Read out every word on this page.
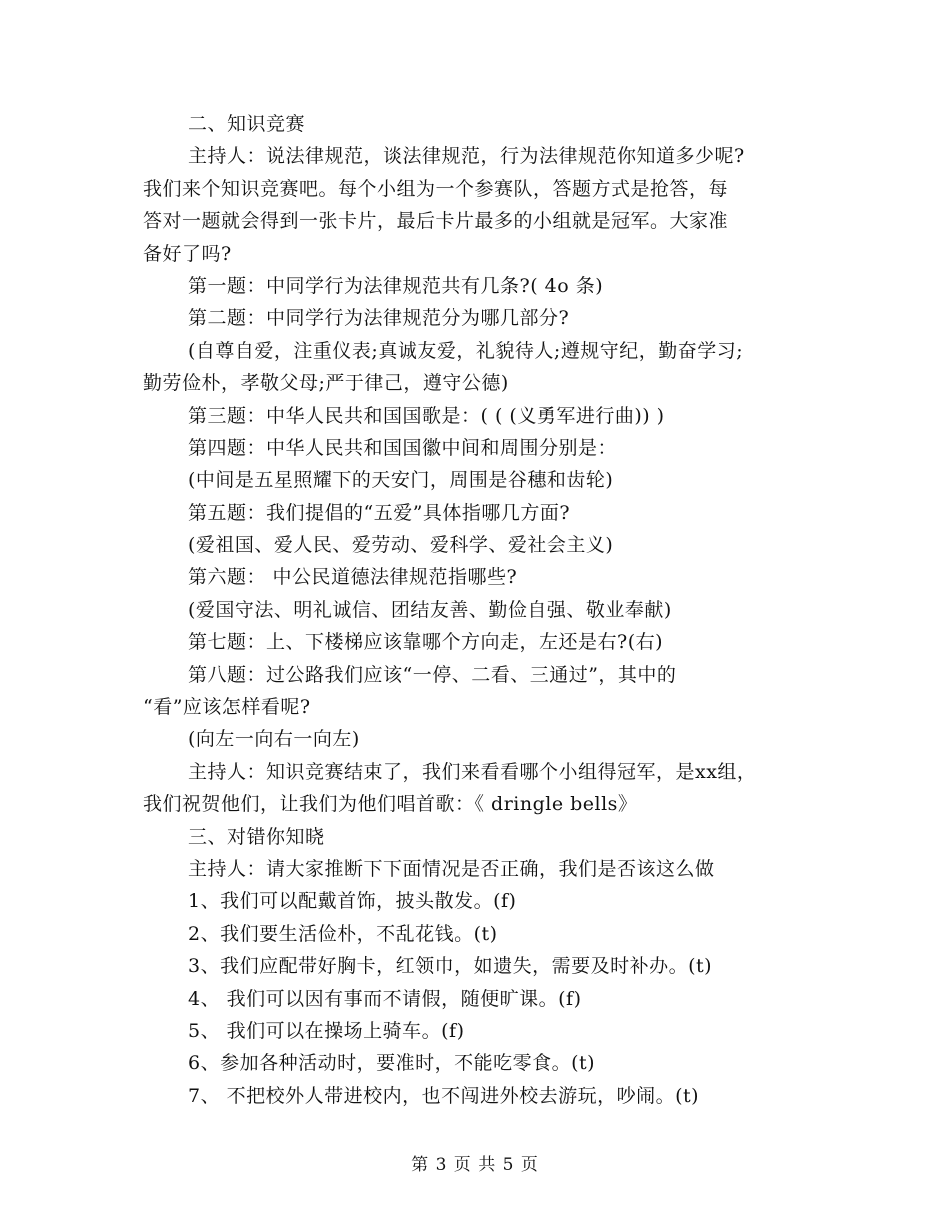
二、知识竞赛
主持人：说法律规范，谈法律规范，行为法律规范你知道多少呢?
我们来个知识竞赛吧。每个小组为一个参赛队，答题方式是抢答，每
答对一题就会得到一张卡片，最后卡片最多的小组就是冠军。大家准
备好了吗?
第一题：中同学行为法律规范共有几条?( 4o 条)
第二题：中同学行为法律规范分为哪几部分?
(自尊自爱，注重仪表;真诚友爱，礼貌待人;遵规守纪，勤奋学习;
勤劳俭朴，孝敬父母;严于律己，遵守公德)
第三题：中华人民共和国国歌是：( ( (义勇军进行曲)) )
第四题：中华人民共和国国徽中间和周围分别是：
(中间是五星照耀下的天安门，周围是谷穗和齿轮)
第五题：我们提倡的“五爱”具体指哪几方面?
(爱祖国、爱人民、爱劳动、爱科学、爱社会主义)
第六题： 中公民道德法律规范指哪些?
(爱国守法、明礼诚信、团结友善、勤俭自强、敬业奉献)
第七题：上、下楼梯应该靠哪个方向走，左还是右?(右)
第八题：过公路我们应该“一停、二看、三通过”，其中的
“看”应该怎样看呢?
(向左一向右一向左)
主持人：知识竞赛结束了，我们来看看哪个小组得冠军，是xx组，
我们祝贺他们，让我们为他们唱首歌：《 dringle bells》
三、对错你知晓
主持人：请大家推断下下面情况是否正确，我们是否该这么做
1、我们可以配戴首饰，披头散发。(f)
2、我们要生活俭朴，不乱花钱。(t)
3、我们应配带好胸卡，红领巾，如遗失，需要及时补办。(t)
4、 我们可以因有事而不请假，随便旷课。(f)
5、 我们可以在操场上骑车。(f)
6、参加各种活动时，要准时，不能吃零食。(t)
7、 不把校外人带进校内，也不闯进外校去游玩，吵闹。(t)
第 3 页 共 5 页
